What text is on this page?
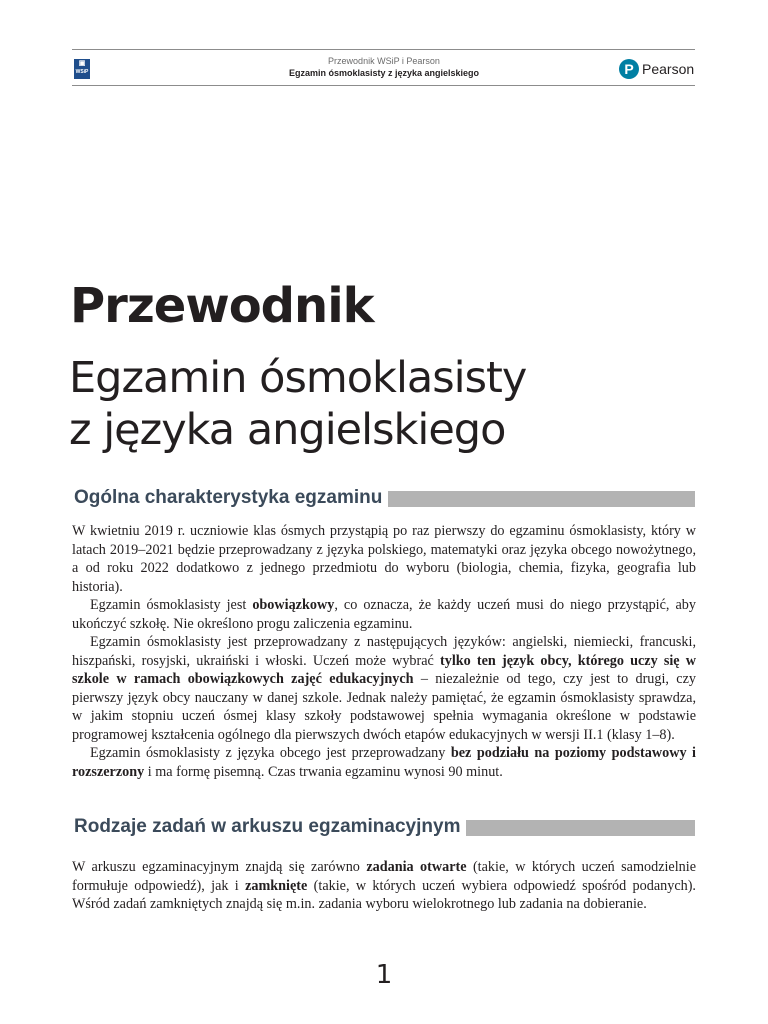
▣
WSiP
Przewodnik WSiP i Pearson
Egzamin ósmoklasisty z języka angielskiego	P Pearson
Przewodnik
Egzamin ósmoklasisty
z języka angielskiego
Ogólna charakterystyka egzaminu

W kwietniu 2019 r. uczniowie klas ósmych przystąpią po raz pierwszy do egzaminu ósmoklasisty, który w latach 2019–2021 będzie przeprowadzany z języka polskiego, matematyki oraz języka obcego nowożytnego, a od roku 2022 dodatkowo z jednego przedmiotu do wyboru (biologia, chemia, fizyka, geografia lub historia).

Egzamin ósmoklasisty jest obowiązkowy, co oznacza, że każdy uczeń musi do niego przystąpić, aby ukończyć szkołę. Nie określono progu zaliczenia egzaminu.

Egzamin ósmoklasisty jest przeprowadzany z następujących języków: angielski, niemiecki, francuski, hiszpański, rosyjski, ukraiński i włoski. Uczeń może wybrać tylko ten język obcy, którego uczy się w szkole w ramach obowiązkowych zajęć edukacyjnych – niezależnie od tego, czy jest to drugi, czy pierwszy język obcy nauczany w danej szkole. Jednak należy pamiętać, że egzamin ósmoklasisty sprawdza, w jakim stopniu uczeń ósmej klasy szkoły podstawowej spełnia wymagania określone w podstawie programowej kształcenia ogólnego dla pierwszych dwóch etapów edukacyjnych w wersji II.1 (klasy 1–8).

Egzamin ósmoklasisty z języka obcego jest przeprowadzany bez podziału na poziomy podstawowy i rozszerzony i ma formę pisemną. Czas trwania egzaminu wynosi 90 minut.

Rodzaje zadań w arkuszu egzaminacyjnym

W arkuszu egzaminacyjnym znajdą się zarówno zadania otwarte (takie, w których uczeń samodzielnie formułuje odpowiedź), jak i zamknięte (takie, w których uczeń wybiera odpowiedź spośród podanych). Wśród zadań zamkniętych znajdą się m.in. zadania wyboru wielokrotnego lub zadania na dobieranie.

1
